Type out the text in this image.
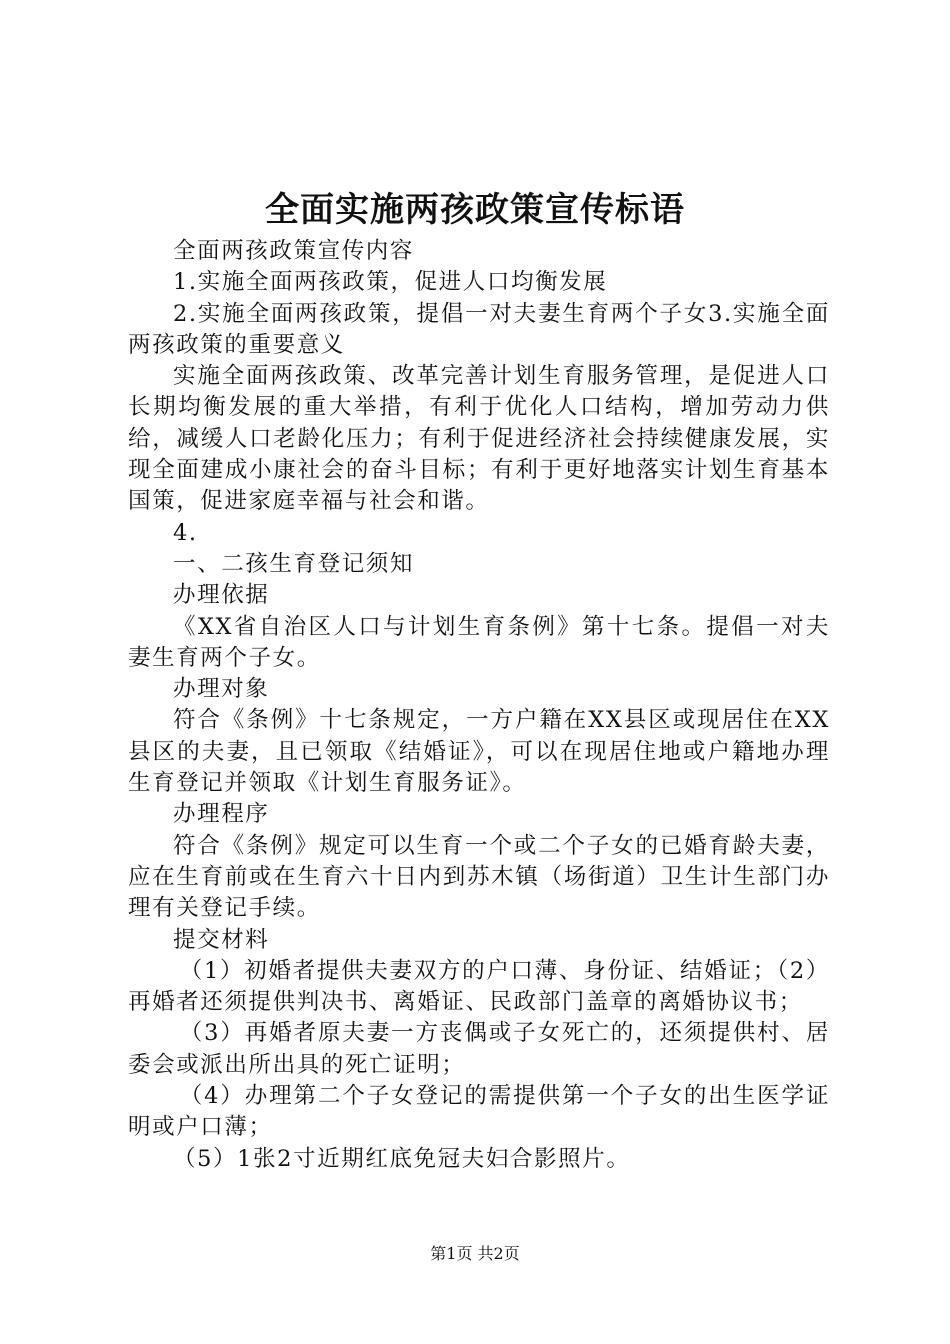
全面实施两孩政策宣传标语

全面两孩政策宣传内容

1.实施全面两孩政策，促进人口均衡发展

2.实施全面两孩政策，提倡一对夫妻生育两个子女3.实施全面两孩政策的重要意义

实施全面两孩政策、改革完善计划生育服务管理，是促进人口长期均衡发展的重大举措，有利于优化人口结构，增加劳动力供给，减缓人口老龄化压力；有利于促进经济社会持续健康发展，实现全面建成小康社会的奋斗目标；有利于更好地落实计划生育基本国策，促进家庭幸福与社会和谐。

4.

一、二孩生育登记须知

办理依据

《XX省自治区人口与计划生育条例》第十七条。提倡一对夫妻生育两个子女。

办理对象

符合《条例》十七条规定，一方户籍在XX县区或现居住在XX县区的夫妻，且已领取《结婚证》，可以在现居住地或户籍地办理生育登记并领取《计划生育服务证》。

办理程序

符合《条例》规定可以生育一个或二个子女的已婚育龄夫妻，应在生育前或在生育六十日内到苏木镇（场街道）卫生计生部门办理有关登记手续。

提交材料

（1）初婚者提供夫妻双方的户口薄、身份证、结婚证；（2）再婚者还须提供判决书、离婚证、民政部门盖章的离婚协议书；

（3）再婚者原夫妻一方丧偶或子女死亡的，还须提供村、居委会或派出所出具的死亡证明；

（4）办理第二个子女登记的需提供第一个子女的出生医学证明或户口薄；

（5）1张2寸近期红底免冠夫妇合影照片。

第1页 共2页
